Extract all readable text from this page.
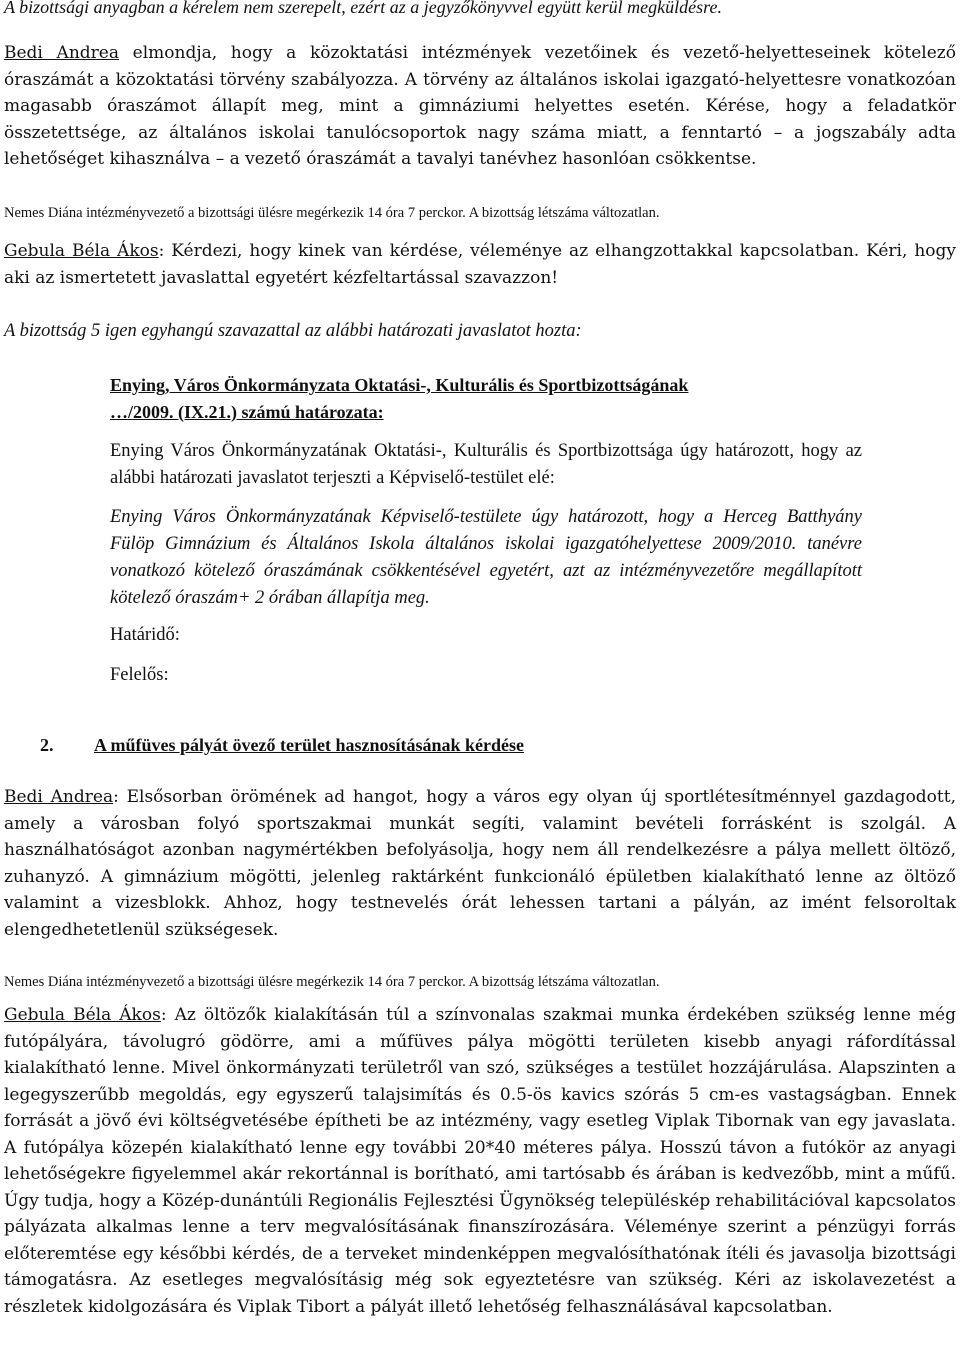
A bizottsági anyagban a kérelem nem szerepelt, ezért az a jegyzőkönyvvel együtt kerül megküldésre.

Bedi Andrea elmondja, hogy a közoktatási intézmények vezetőinek és vezető-helyetteseinek kötelező óraszámát a közoktatási törvény szabályozza. A törvény az általános iskolai igazgató-helyettesre vonatkozóan magasabb óraszámot állapít meg, mint a gimnáziumi helyettes esetén. Kérése, hogy a feladatkör összetettsége, az általános iskolai tanulócsoportok nagy száma miatt, a fenntartó – a jogszabály adta lehetőséget kihasználva – a vezető óraszámát a tavalyi tanévhez hasonlóan csökkentse.

Nemes Diána intézményvezető a bizottsági ülésre megérkezik 14 óra 7 perckor. A bizottság létszáma változatlan.

Gebula Béla Ákos: Kérdezi, hogy kinek van kérdése, véleménye az elhangzottakkal kapcsolatban. Kéri, hogy aki az ismertetett javaslattal egyetért kézfeltartással szavazzon!

A bizottság 5 igen egyhangú szavazattal az alábbi határozati javaslatot hozta:

Enying, Város Önkormányzata Oktatási-, Kulturális és Sportbizottságának

…/2009. (IX.21.) számú határozata:

Enying Város Önkormányzatának Oktatási-, Kulturális és Sportbizottsága úgy határozott, hogy az alábbi határozati javaslatot terjeszti a Képviselő-testület elé:

Enying Város Önkormányzatának Képviselő-testülete úgy határozott, hogy a Herceg Batthyány Fülöp Gimnázium és Általános Iskola általános iskolai igazgatóhelyettese 2009/2010. tanévre vonatkozó kötelező óraszámának csökkentésével egyetért, azt az intézményvezetőre megállapított kötelező óraszám+ 2 órában állapítja meg.

Határidő:

Felelős:

2. A műfüves pályát övező terület hasznosításának kérdése

Bedi Andrea: Elsősorban örömének ad hangot, hogy a város egy olyan új sportlétesítménnyel gazdagodott, amely a városban folyó sportszakmai munkát segíti, valamint bevételi forrásként is szolgál. A használhatóságot azonban nagymértékben befolyásolja, hogy nem áll rendelkezésre a pálya mellett öltöző, zuhanyzó. A gimnázium mögötti, jelenleg raktárként funkcionáló épületben kialakítható lenne az öltöző valamint a vizesblokk. Ahhoz, hogy testnevelés órát lehessen tartani a pályán, az imént felsoroltak elengedhetetlenül szükségesek.

Nemes Diána intézményvezető a bizottsági ülésre megérkezik 14 óra 7 perckor. A bizottság létszáma változatlan.

Gebula Béla Ákos: Az öltözők kialakításán túl a színvonalas szakmai munka érdekében szükség lenne még futópályára, távolugró gödörre, ami a műfüves pálya mögötti területen kisebb anyagi ráfordítással kialakítható lenne. Mivel önkormányzati területről van szó, szükséges a testület hozzájárulása. Alapszinten a legegyszerűbb megoldás, egy egyszerű talajsimítás és 0.5-ös kavics szórás 5 cm-es vastagságban. Ennek forrását a jövő évi költségvetésébe építheti be az intézmény, vagy esetleg Viplak Tibornak van egy javaslata. A futópálya közepén kialakítható lenne egy további 20*40 méteres pálya. Hosszú távon a futókör az anyagi lehetőségekre figyelemmel akár rekortánnal is borítható, ami tartósabb és árában is kedvezőbb, mint a műfű. Úgy tudja, hogy a Közép-dunántúli Regionális Fejlesztési Ügynökség településkép rehabilitációval kapcsolatos pályázata alkalmas lenne a terv megvalósításának finanszírozására. Véleménye szerint a pénzügyi forrás előteremtése egy későbbi kérdés, de a terveket mindenképpen megvalósíthatónak ítéli és javasolja bizottsági támogatásra. Az esetleges megvalósításig még sok egyeztetésre van szükség. Kéri az iskolavezetést a részletek kidolgozására és Viplak Tibort a pályát illető lehetőség felhasználásával kapcsolatban.
